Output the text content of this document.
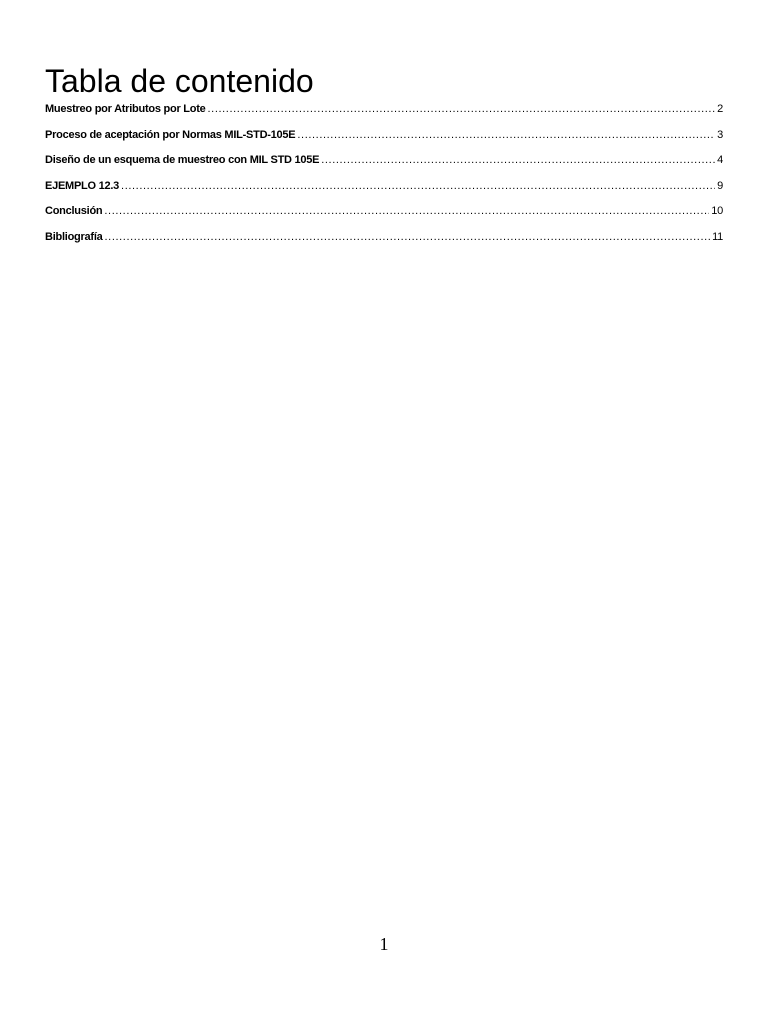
Tabla de contenido
Muestreo por Atributos por Lote .....	2
Proceso de aceptación por Normas MIL-STD-105E .....	3
Diseño de un esquema de muestreo con MIL STD 105E .....	4
EJEMPLO 12.3 .....	9
Conclusión .....	10
Bibliografía .....	11
1
